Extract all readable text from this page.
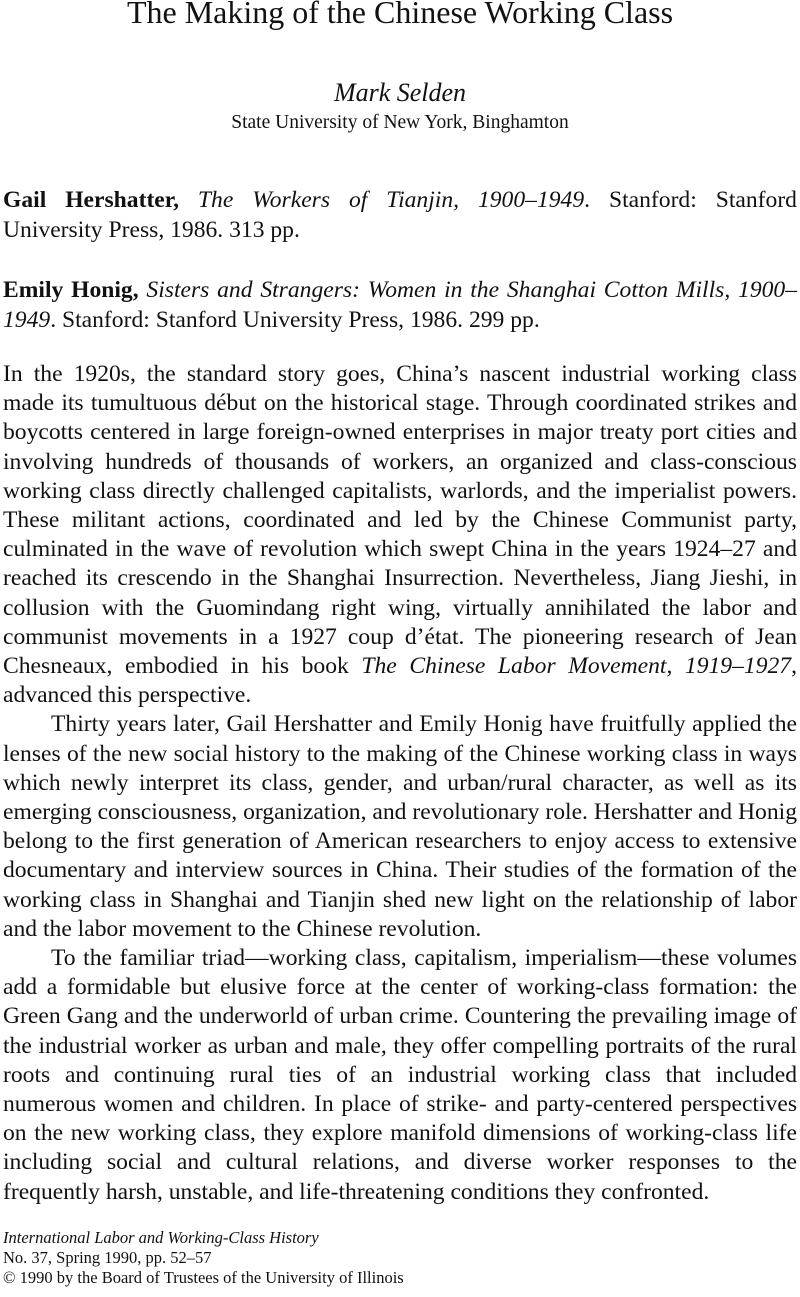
The Making of the Chinese Working Class
Mark Selden
State University of New York, Binghamton
Gail Hershatter, The Workers of Tianjin, 1900–1949. Stanford: Stanford University Press, 1986. 313 pp.
Emily Honig, Sisters and Strangers: Women in the Shanghai Cotton Mills, 1900–1949. Stanford: Stanford University Press, 1986. 299 pp.

In the 1920s, the standard story goes, China’s nascent industrial working class made its tumultuous début on the historical stage. Through coordinated strikes and boycotts centered in large foreign-owned enterprises in major treaty port cities and involving hundreds of thousands of workers, an organized and class-conscious working class directly challenged capitalists, warlords, and the imperialist powers. These militant actions, coordinated and led by the Chinese Communist party, culminated in the wave of revolution which swept China in the years 1924–27 and reached its crescendo in the Shanghai Insurrection. Nevertheless, Jiang Jieshi, in collusion with the Guomindang right wing, virtually annihilated the labor and communist movements in a 1927 coup d’état. The pioneering research of Jean Chesneaux, embodied in his book The Chinese Labor Movement, 1919–1927, advanced this perspective.

Thirty years later, Gail Hershatter and Emily Honig have fruitfully applied the lenses of the new social history to the making of the Chinese working class in ways which newly interpret its class, gender, and urban/rural character, as well as its emerging consciousness, organization, and revolutionary role. Hershatter and Honig belong to the first generation of American researchers to enjoy access to extensive documentary and interview sources in China. Their studies of the formation of the working class in Shanghai and Tianjin shed new light on the relationship of labor and the labor movement to the Chinese revolution.

To the familiar triad—working class, capitalism, imperialism—these volumes add a formidable but elusive force at the center of working-class formation: the Green Gang and the underworld of urban crime. Countering the prevailing image of the industrial worker as urban and male, they offer compelling portraits of the rural roots and continuing rural ties of an industrial working class that included numerous women and children. In place of strike- and party-centered perspectives on the new working class, they explore manifold dimensions of working-class life including social and cultural relations, and diverse worker responses to the frequently harsh, unstable, and life-threatening conditions they confronted.

International Labor and Working-Class History
No. 37, Spring 1990, pp. 52–57
© 1990 by the Board of Trustees of the University of Illinois
